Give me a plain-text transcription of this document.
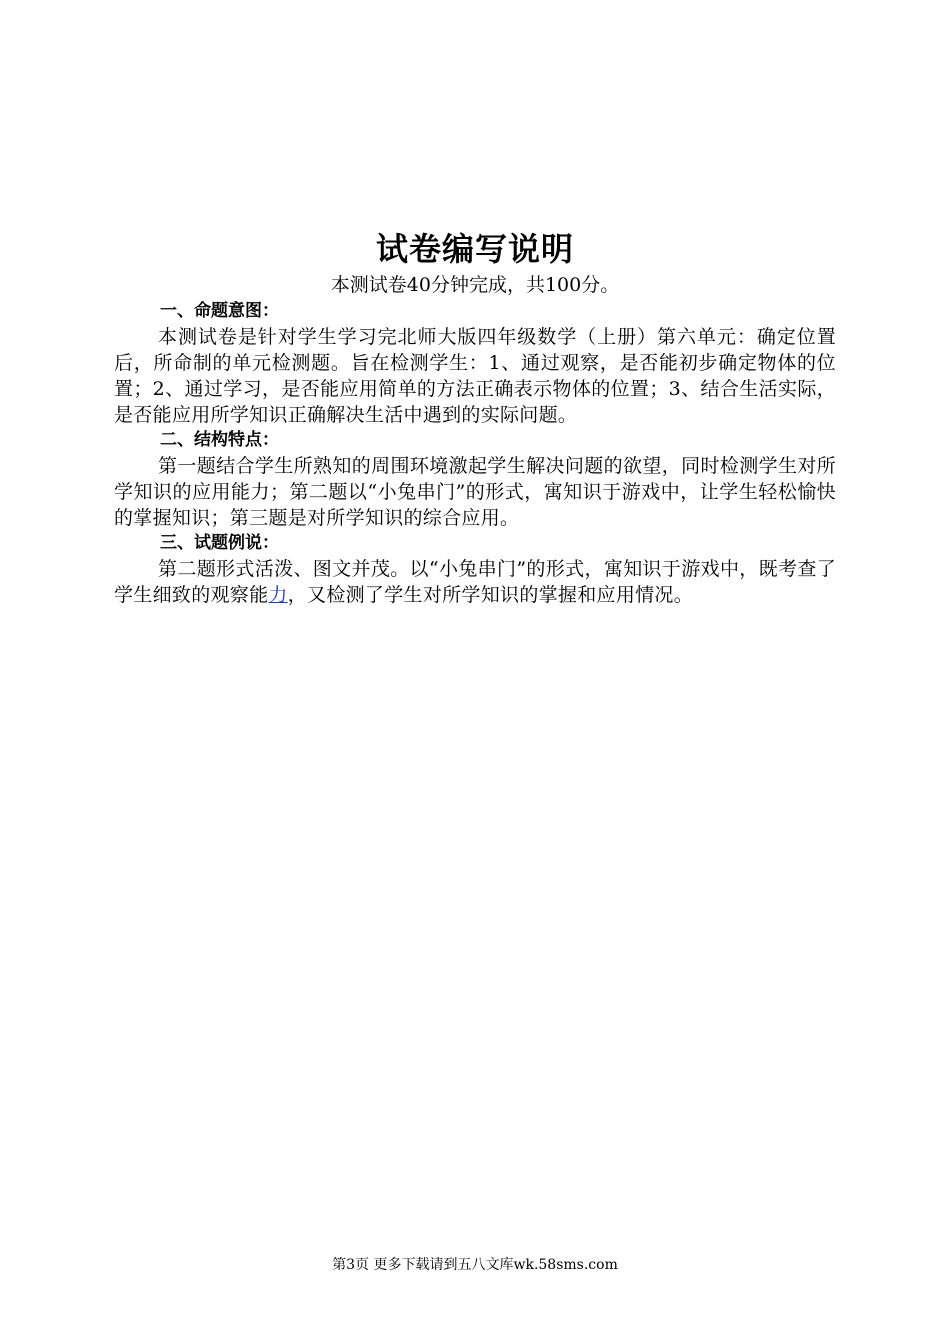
试卷编写说明

本测试卷40分钟完成，共100分。

一、命题意图：

本测试卷是针对学生学习完北师大版四年级数学（上册）第六单元：确定位置后，所命制的单元检测题。旨在检测学生：1、通过观察，是否能初步确定物体的位置；2、通过学习，是否能应用简单的方法正确表示物体的位置；3、结合生活实际，是否能应用所学知识正确解决生活中遇到的实际问题。

二、结构特点：

第一题结合学生所熟知的周围环境激起学生解决问题的欲望，同时检测学生对所学知识的应用能力；第二题以“小兔串门”的形式，寓知识于游戏中，让学生轻松愉快的掌握知识；第三题是对所学知识的综合应用。

三、试题例说：

第二题形式活泼、图文并茂。以“小兔串门”的形式，寓知识于游戏中，既考查了学生细致的观察能力，又检测了学生对所学知识的掌握和应用情况。

第3页 更多下载请到五八文库wk.58sms.com
